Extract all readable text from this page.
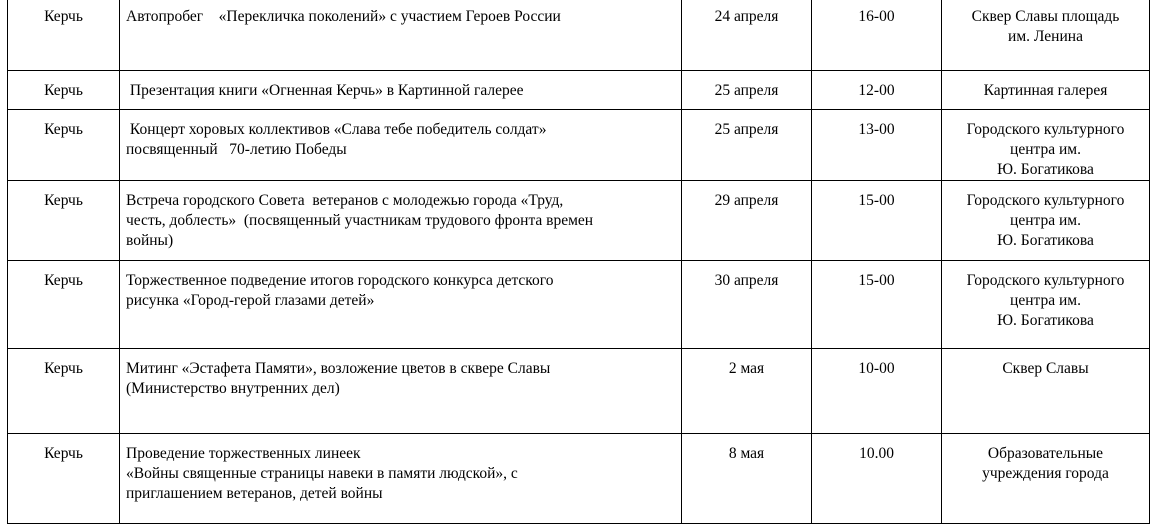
Керчь	Автопробег    «Перекличка поколений» с участием Героев России	24 апреля	16-00	Сквер Славы площадь
им. Ленина

Керчь	Презентация книги «Огненная Керчь» в Картинной галерее	25 апреля	12-00	Картинная галерея

Керчь	Концерт хоровых коллективов «Слава тебе победитель солдат»
посвященный   70-летию Победы	25 апреля	13-00	Городского культурного
центра им.
Ю. Богатикова

Керчь	Встреча городского Совета  ветеранов с молодежью города «Труд,
честь, доблесть»  (посвященный участникам трудового фронта времен
войны)	29 апреля	15-00	Городского культурного
центра им.
Ю. Богатикова

Керчь	Торжественное подведение итогов городского конкурса детского
рисунка «Город-герой глазами детей»	30 апреля	15-00	Городского культурного
центра им.
Ю. Богатикова

Керчь	Митинг «Эстафета Памяти», возложение цветов в сквере Славы
(Министерство внутренних дел)	2 мая	10-00	Сквер Славы

Керчь	Проведение торжественных линеек
«Войны священные страницы навеки в памяти людской», с
приглашением ветеранов, детей войны	8 мая	10.00	Образовательные
учреждения города
